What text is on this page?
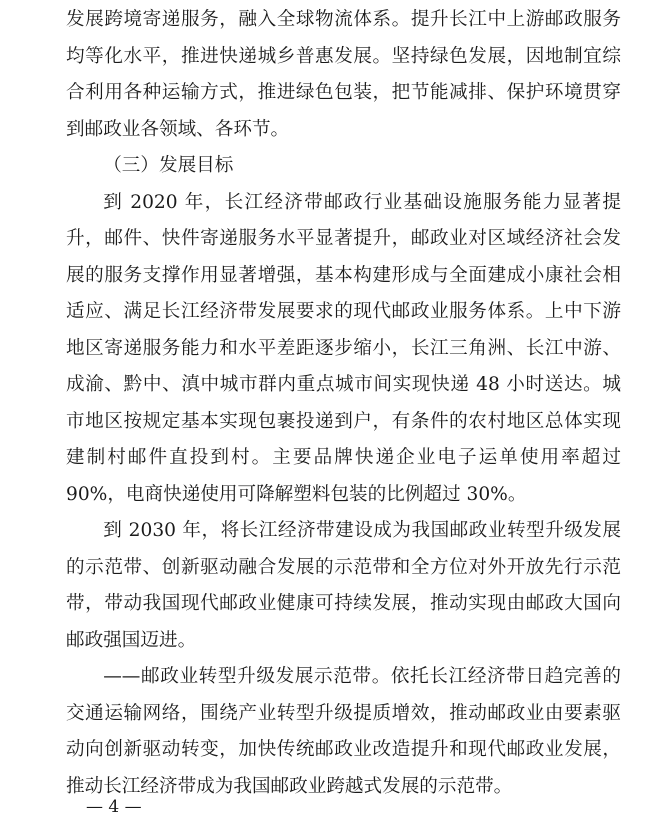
发展跨境寄递服务，融入全球物流体系。提升长江中上游邮政服务均等化水平，推进快递城乡普惠发展。坚持绿色发展，因地制宜综合利用各种运输方式，推进绿色包装，把节能减排、保护环境贯穿到邮政业各领域、各环节。

（三）发展目标

到 2020 年，长江经济带邮政行业基础设施服务能力显著提升，邮件、快件寄递服务水平显著提升，邮政业对区域经济社会发展的服务支撑作用显著增强，基本构建形成与全面建成小康社会相适应、满足长江经济带发展要求的现代邮政业服务体系。上中下游地区寄递服务能力和水平差距逐步缩小，长江三角洲、长江中游、成渝、黔中、滇中城市群内重点城市间实现快递 48 小时送达。城市地区按规定基本实现包裹投递到户，有条件的农村地区总体实现建制村邮件直投到村。主要品牌快递企业电子运单使用率超过 90%，电商快递使用可降解塑料包装的比例超过 30%。

到 2030 年，将长江经济带建设成为我国邮政业转型升级发展的示范带、创新驱动融合发展的示范带和全方位对外开放先行示范带，带动我国现代邮政业健康可持续发展，推动实现由邮政大国向邮政强国迈进。

——邮政业转型升级发展示范带。依托长江经济带日趋完善的交通运输网络，围绕产业转型升级提质增效，推动邮政业由要素驱动向创新驱动转变，加快传统邮政业改造提升和现代邮政业发展，推动长江经济带成为我国邮政业跨越式发展的示范带。

— 4 —
